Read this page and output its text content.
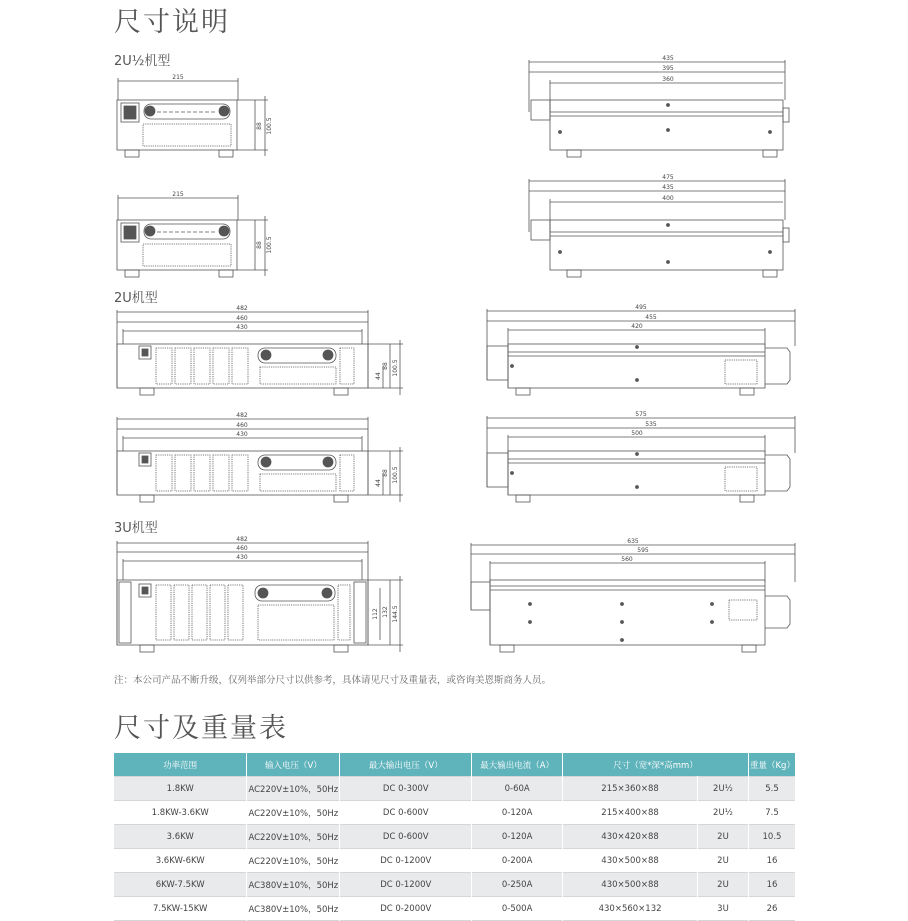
尺寸说明
2U½机型
2U机型
3U机型
215
88 100.5
215
88 100.5
435
395
360
475
435
400
482
460
430
44
88 100.5
482
460
430
44
88 100.5
495
455
420
575
535
500
482
460
430
112 132 144.5
635
595
560
注：本公司产品不断升级，仅列举部分尺寸以供参考，具体请见尺寸及重量表，或咨询美恩斯商务人员。
尺寸及重量表
功率范围	输入电压（V）	最大输出电压（V）	最大输出电流（A）	尺寸（宽*深*高mm）		重量（Kg）
1.8KW	AC220V±10%，50Hz	DC 0-300V	0-60A	215×360×88	2U½	5.5
1.8KW-3.6KW	AC220V±10%，50Hz	DC 0-600V	0-120A	215×400×88	2U½	7.5
3.6KW	AC220V±10%，50Hz	DC 0-600V	0-120A	430×420×88	2U	10.5
3.6KW-6KW	AC220V±10%，50Hz	DC 0-1200V	0-200A	430×500×88	2U	16
6KW-7.5KW	AC380V±10%，50Hz	DC 0-1200V	0-250A	430×500×88	2U	16
7.5KW-15KW	AC380V±10%，50Hz	DC 0-2000V	0-500A	430×560×132	3U	26
